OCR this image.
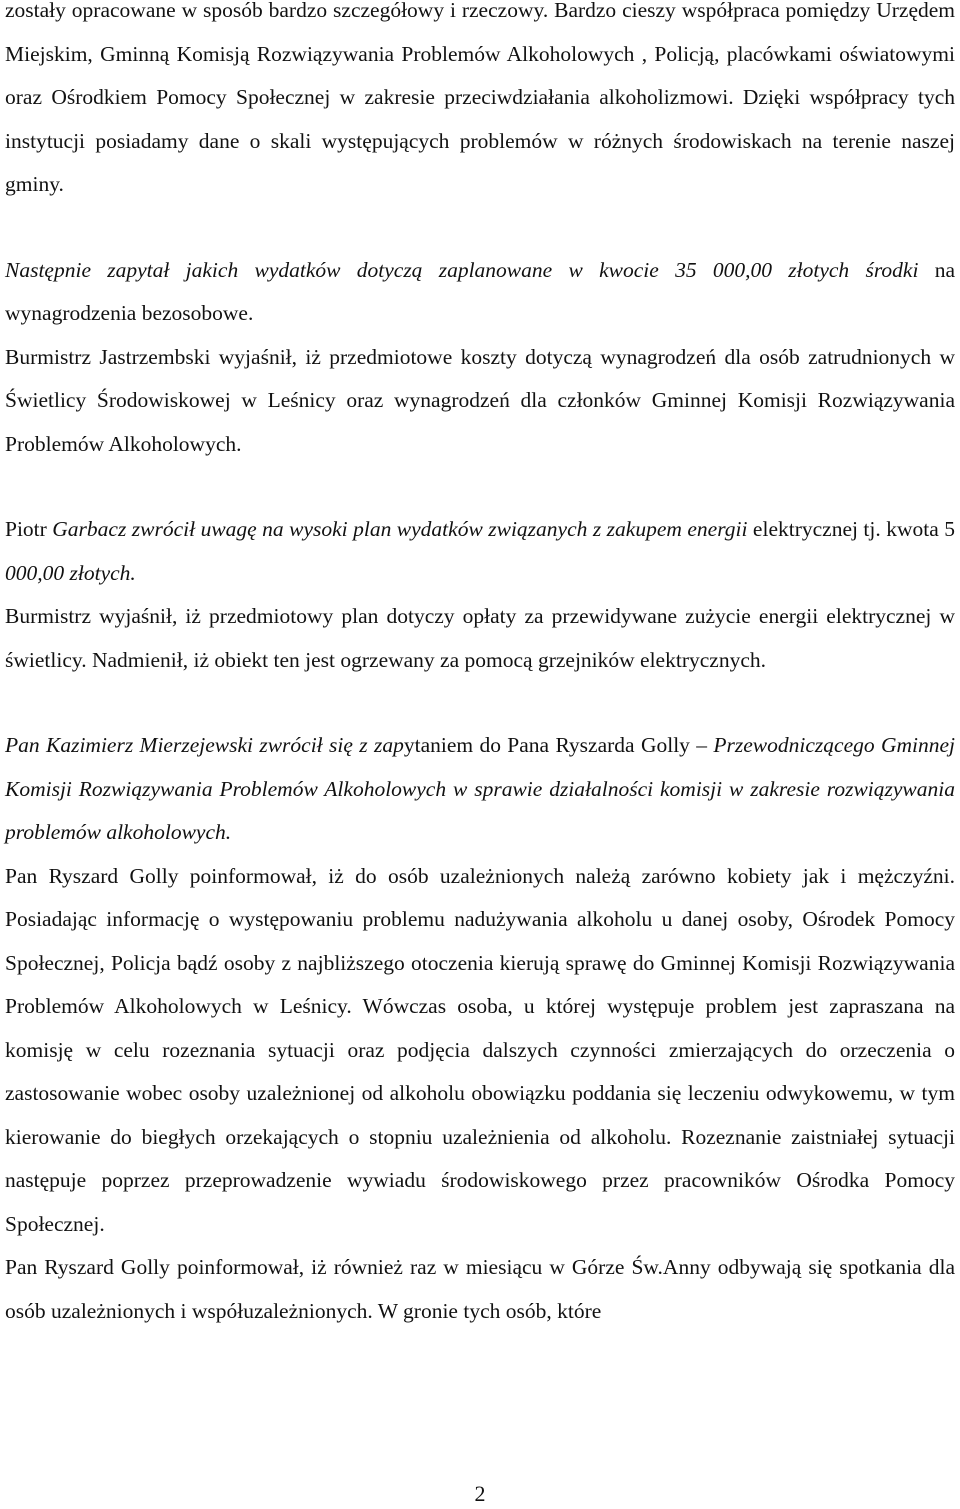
zostały opracowane w sposób bardzo szczegółowy i rzeczowy. Bardzo cieszy współpraca pomiędzy Urzędem Miejskim, Gminną Komisją Rozwiązywania Problemów Alkoholowych , Policją, placówkami oświatowymi oraz Ośrodkiem Pomocy Społecznej w zakresie przeciwdziałania alkoholizmowi. Dzięki współpracy tych instytucji posiadamy dane o skali występujących problemów w różnych środowiskach na terenie naszej gminy.

Następnie zapytał jakich wydatków dotyczą zaplanowane w kwocie 35 000,00 złotych środki na wynagrodzenia bezosobowe.

Burmistrz Jastrzembski wyjaśnił, iż przedmiotowe koszty dotyczą wynagrodzeń dla osób zatrudnionych w Świetlicy Środowiskowej w Leśnicy oraz wynagrodzeń dla członków Gminnej Komisji Rozwiązywania Problemów Alkoholowych.

Piotr Garbacz zwrócił uwagę na wysoki plan wydatków związanych z zakupem energii elektrycznej tj. kwota 5 000,00 złotych.

Burmistrz wyjaśnił, iż przedmiotowy plan dotyczy opłaty za przewidywane zużycie energii elektrycznej w świetlicy. Nadmienił, iż obiekt ten jest ogrzewany za pomocą grzejników elektrycznych.

Pan Kazimierz Mierzejewski zwrócił się z zapytaniem do Pana Ryszarda Golly – Przewodniczącego Gminnej Komisji Rozwiązywania Problemów Alkoholowych w sprawie działalności komisji w zakresie rozwiązywania problemów alkoholowych.

Pan Ryszard Golly poinformował, iż do osób uzależnionych należą zarówno kobiety jak i mężczyźni. Posiadając informację o występowaniu problemu nadużywania alkoholu u danej osoby, Ośrodek Pomocy Społecznej, Policja bądź osoby z najbliższego otoczenia kierują sprawę do Gminnej Komisji Rozwiązywania Problemów Alkoholowych w Leśnicy. Wówczas osoba, u której występuje problem jest zapraszana na komisję w celu rozeznania sytuacji oraz podjęcia dalszych czynności zmierzających do orzeczenia o zastosowanie wobec osoby uzależnionej od alkoholu obowiązku poddania się leczeniu odwykowemu, w tym kierowanie do biegłych orzekających o stopniu uzależnienia od alkoholu. Rozeznanie zaistniałej sytuacji następuje poprzez przeprowadzenie wywiadu środowiskowego przez pracowników Ośrodka Pomocy Społecznej.

Pan Ryszard Golly poinformował, iż również raz w miesiącu w Górze Św.Anny odbywają się spotkania dla osób uzależnionych i współuzależnionych. W gronie tych osób, które

2
